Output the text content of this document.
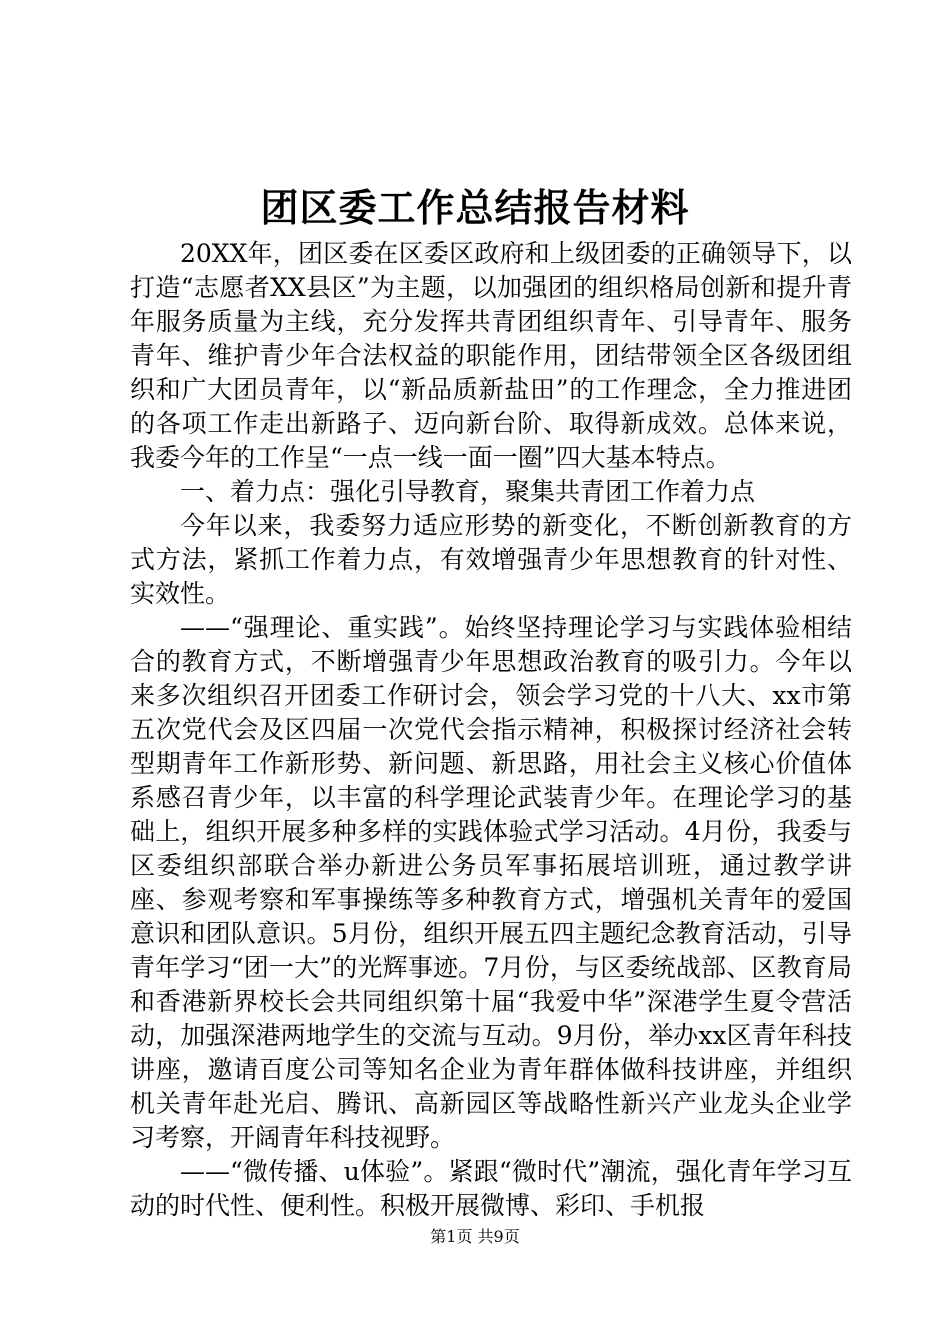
团区委工作总结报告材料

20XX年，团区委在区委区政府和上级团委的正确领导下，以打造“志愿者XX县区”为主题，以加强团的组织格局创新和提升青年服务质量为主线，充分发挥共青团组织青年、引导青年、服务青年、维护青少年合法权益的职能作用，团结带领全区各级团组织和广大团员青年，以“新品质新盐田”的工作理念，全力推进团的各项工作走出新路子、迈向新台阶、取得新成效。总体来说，我委今年的工作呈“一点一线一面一圈”四大基本特点。

一、着力点：强化引导教育，聚集共青团工作着力点

今年以来，我委努力适应形势的新变化，不断创新教育的方式方法，紧抓工作着力点，有效增强青少年思想教育的针对性、实效性。

——“强理论、重实践”。始终坚持理论学习与实践体验相结合的教育方式，不断增强青少年思想政治教育的吸引力。今年以来多次组织召开团委工作研讨会，领会学习党的十八大、xx市第五次党代会及区四届一次党代会指示精神，积极探讨经济社会转型期青年工作新形势、新问题、新思路，用社会主义核心价值体系感召青少年，以丰富的科学理论武装青少年。在理论学习的基础上，组织开展多种多样的实践体验式学习活动。4月份，我委与区委组织部联合举办新进公务员军事拓展培训班，通过教学讲座、参观考察和军事操练等多种教育方式，增强机关青年的爱国意识和团队意识。5月份，组织开展五四主题纪念教育活动，引导青年学习“团一大”的光辉事迹。7月份，与区委统战部、区教育局和香港新界校长会共同组织第十届“我爱中华”深港学生夏令营活动，加强深港两地学生的交流与互动。9月份，举办xx区青年科技讲座，邀请百度公司等知名企业为青年群体做科技讲座，并组织机关青年赴光启、腾讯、高新园区等战略性新兴产业龙头企业学习考察，开阔青年科技视野。

——“微传播、u体验”。紧跟“微时代”潮流，强化青年学习互动的时代性、便利性。积极开展微博、彩印、手机报

第1页 共9页
